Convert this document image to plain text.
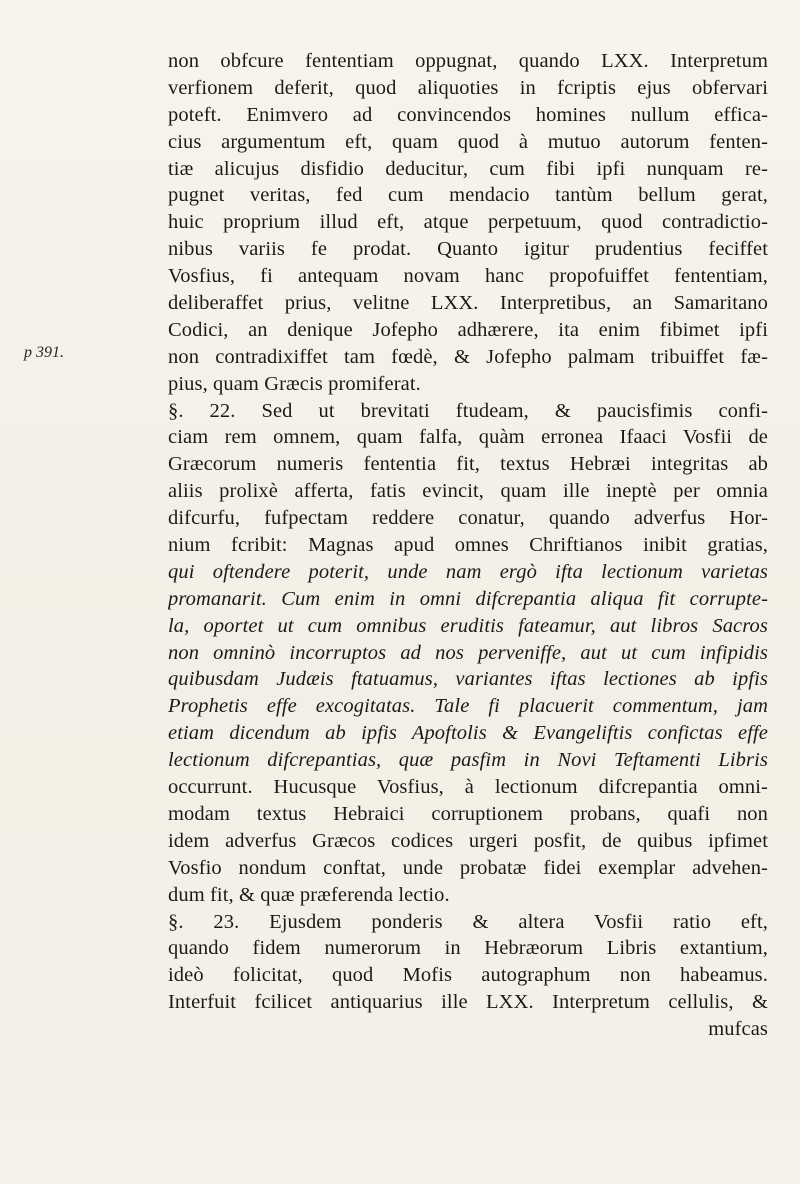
p 391.
non obfcure fententiam oppugnat, quando LXX. Interpretum
verfionem deferit, quod aliquoties in fcriptis ejus obfervari
poteft. Enimvero ad convincendos homines nullum effica-
cius argumentum eft, quam quod à mutuo autorum fenten-
tiæ alicujus disfidio deducitur, cum fibi ipfi nunquam re-
pugnet veritas, fed cum mendacio tantùm bellum gerat,
huic proprium illud eft, atque perpetuum, quod contradictio-
nibus variis fe prodat. Quanto igitur prudentius feciffet
Vosfius, fi antequam novam hanc propofuiffet fententiam,
deliberaffet prius, velitne LXX. Interpretibus, an Samaritano
Codici, an denique Jofepho adhærere, ita enim fibimet ipfi
non contradixiffet tam fœdè, & Jofepho palmam tribuiffet fæ-
pius, quam Græcis promiferat.
§. 22. Sed ut brevitati ftudeam, & paucisfimis confi-
ciam rem omnem, quam falfa, quàm erronea Ifaaci Vosfii de
Græcorum numeris fententia fit, textus Hebræi integritas ab
aliis prolixè afferta, fatis evincit, quam ille ineptè per omnia
difcurfu, fufpectam reddere conatur, quando adverfus Hor-
nium fcribit: Magnas apud omnes Chriftianos inibit gratias,
qui oftendere poterit, unde nam ergò ifta lectionum varietas
promanarit. Cum enim in omni difcrepantia aliqua fit corrupte-
la, oportet ut cum omnibus eruditis fateamur, aut libros Sacros
non omninò incorruptos ad nos perveniffe, aut ut cum infipidis
quibusdam Judæis ftatuamus, variantes iftas lectiones ab ipfis
Prophetis effe excogitatas. Tale fi placuerit commentum, jam
etiam dicendum ab ipfis Apoftolis & Evangeliftis confictas effe
lectionum difcrepantias, quæ pasfim in Novi Teftamenti Libris
occurrunt. Hucusque Vosfius, à lectionum difcrepantia omni-
modam textus Hebraici corruptionem probans, quafi non
idem adverfus Græcos codices urgeri posfit, de quibus ipfimet
Vosfio nondum conftat, unde probatæ fidei exemplar advehen-
dum fit, & quæ præferenda lectio.
§. 23. Ejusdem ponderis & altera Vosfii ratio eft,
quando fidem numerorum in Hebræorum Libris extantium,
ideò folicitat, quod Mofis autographum non habeamus.
Interfuit fcilicet antiquarius ille LXX. Interpretum cellulis, &
mufcas
